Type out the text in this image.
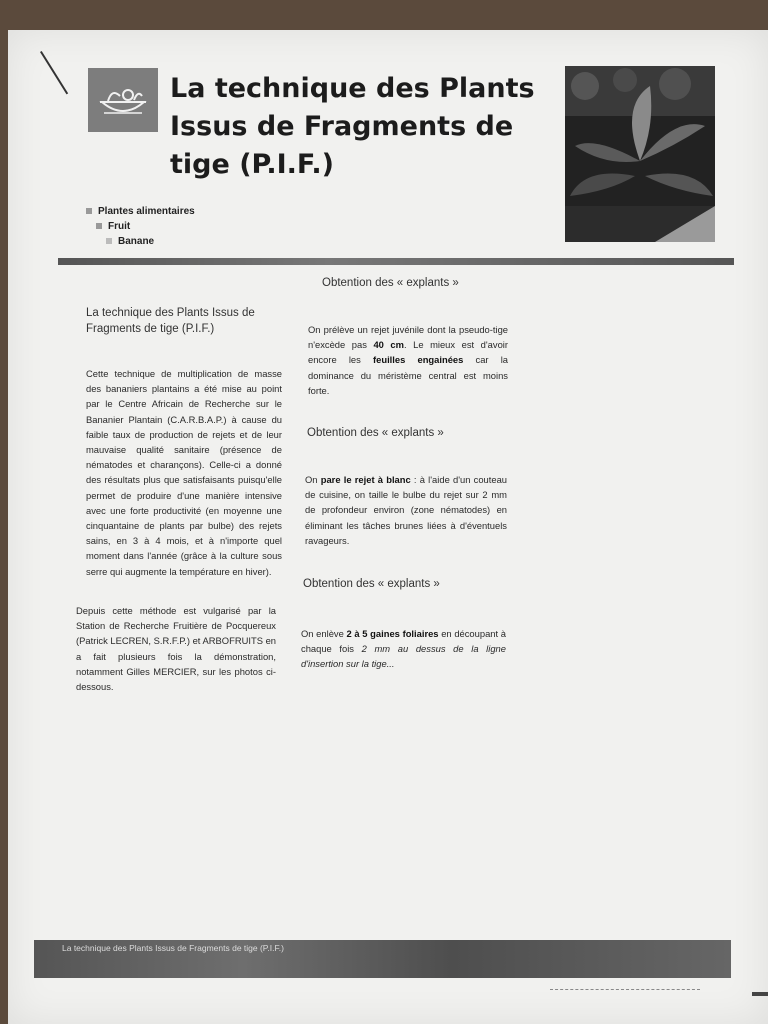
La technique des Plants Issus de Fragments de tige (P.I.F.)
Plantes alimentaires
Fruit
Banane
La technique des Plants Issus de Fragments de tige (P.I.F.)

Cette technique de multiplication de masse des bananiers plantains a été mise au point par le Centre Africain de Recherche sur le Bananier Plantain (C.A.R.B.A.P.) à cause du faible taux de production de rejets et de leur mauvaise qualité sanitaire (présence de nématodes et charançons). Celle-ci a donné des résultats plus que satisfaisants puisqu'elle permet de produire d'une manière intensive avec une forte productivité (en moyenne une cinquantaine de plants par bulbe) des rejets sains, en 3 à 4 mois, et à n'importe quel moment dans l'année (grâce à la culture sous serre qui augmente la température en hiver).

Depuis cette méthode est vulgarisé par la Station de Recherche Fruitière de Pocquereux (Patrick LECREN, S.R.F.P.) et ARBOFRUITS en a fait plusieurs fois la démonstration, notamment Gilles MERCIER, sur les photos ci-dessous.

Obtention des « explants »

On prélève un rejet juvénile dont la pseudo-tige n'excède pas 40 cm. Le mieux est d'avoir encore les feuilles engainées car la dominance du méristème central est moins forte.

Obtention des « explants »

On pare le rejet à blanc : à l'aide d'un couteau de cuisine, on taille le bulbe du rejet sur 2 mm de profondeur environ (zone nématodes) en éliminant les tâches brunes liées à d'éventuels ravageurs.

Obtention des « explants »

On enlève 2 à 5 gaines foliaires en découpant à chaque fois 2 mm au dessus de la ligne d'insertion sur la tige...

La technique des Plants Issus de Fragments de tige (P.I.F.)
